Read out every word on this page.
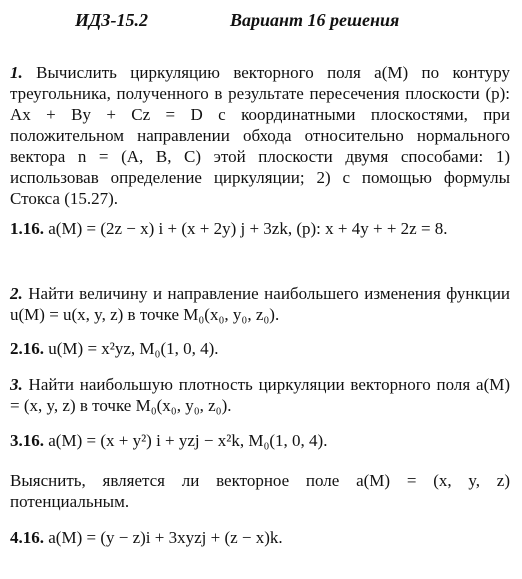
ИДЗ-15.2	Вариант 16 решения
1. Вычислить циркуляцию векторного поля a(M) по контуру треугольника, полученного в результате пересечения плоскости (p): Ax + By + Cz = D с координатными плоскостями, при положительном направлении обхода относительно нормального вектора n = (A, B, C) этой плоскости двумя способами: 1) использовав определение циркуляции; 2) с помощью формулы Стокса (15.27).
1.16. a(M) = (2z − x) i + (x + 2y) j + 3zk, (p): x + 4y + + 2z = 8.
2. Найти величину и направление наибольшего изменения функции u(M) = u(x, y, z) в точке M₀(x₀, y₀, z₀).
2.16. u(M) = x²yz, M₀(1, 0, 4).
3. Найти наибольшую плотность циркуляции векторного поля a(M) = (x, y, z) в точке M₀(x₀, y₀, z₀).
3.16. a(M) = (x + y²) i + yzj − x²k, M₀(1, 0, 4).
Выяснить, является ли векторное поле a(M) = (x, y, z) потенциальным.
4.16. a(M) = (y − z)i + 3xyzj + (z − x)k.
